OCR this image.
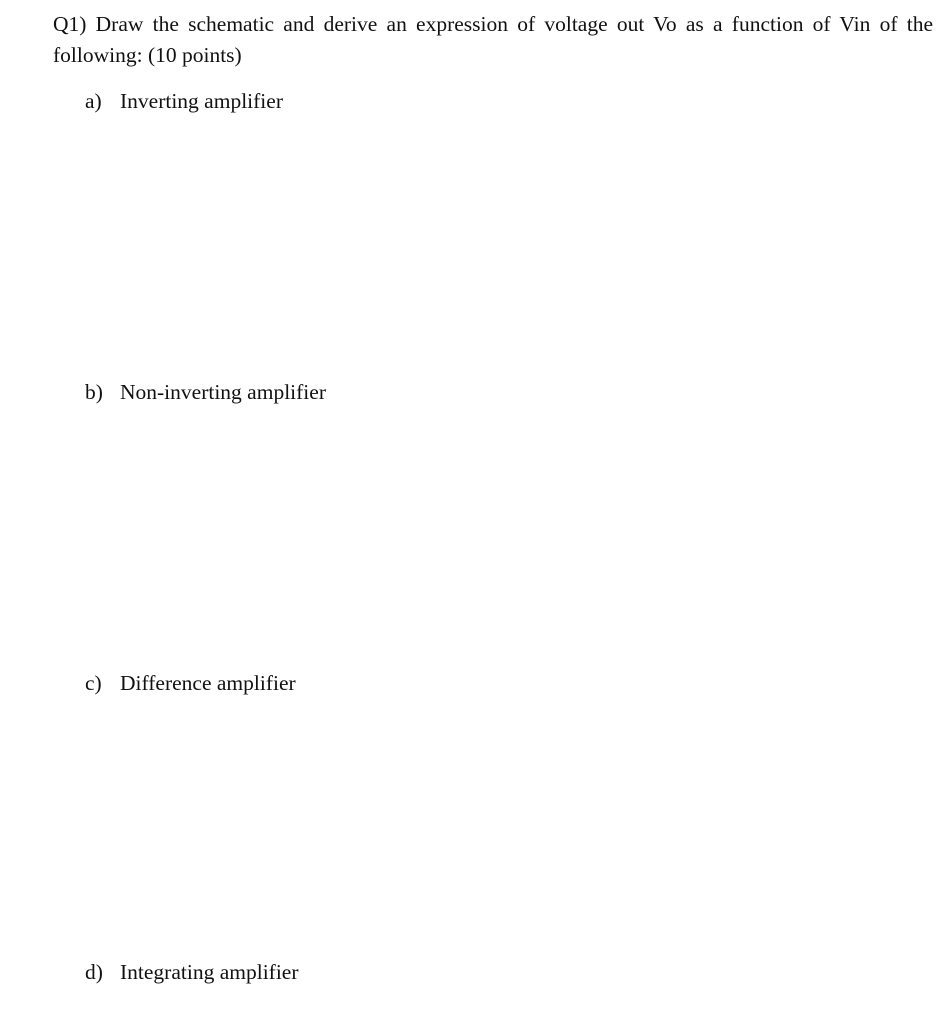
Q1) Draw the schematic and derive an expression of voltage out Vo as a function of Vin of the following: (10 points)
a) Inverting amplifier
b) Non-inverting amplifier
c) Difference amplifier
d) Integrating amplifier
